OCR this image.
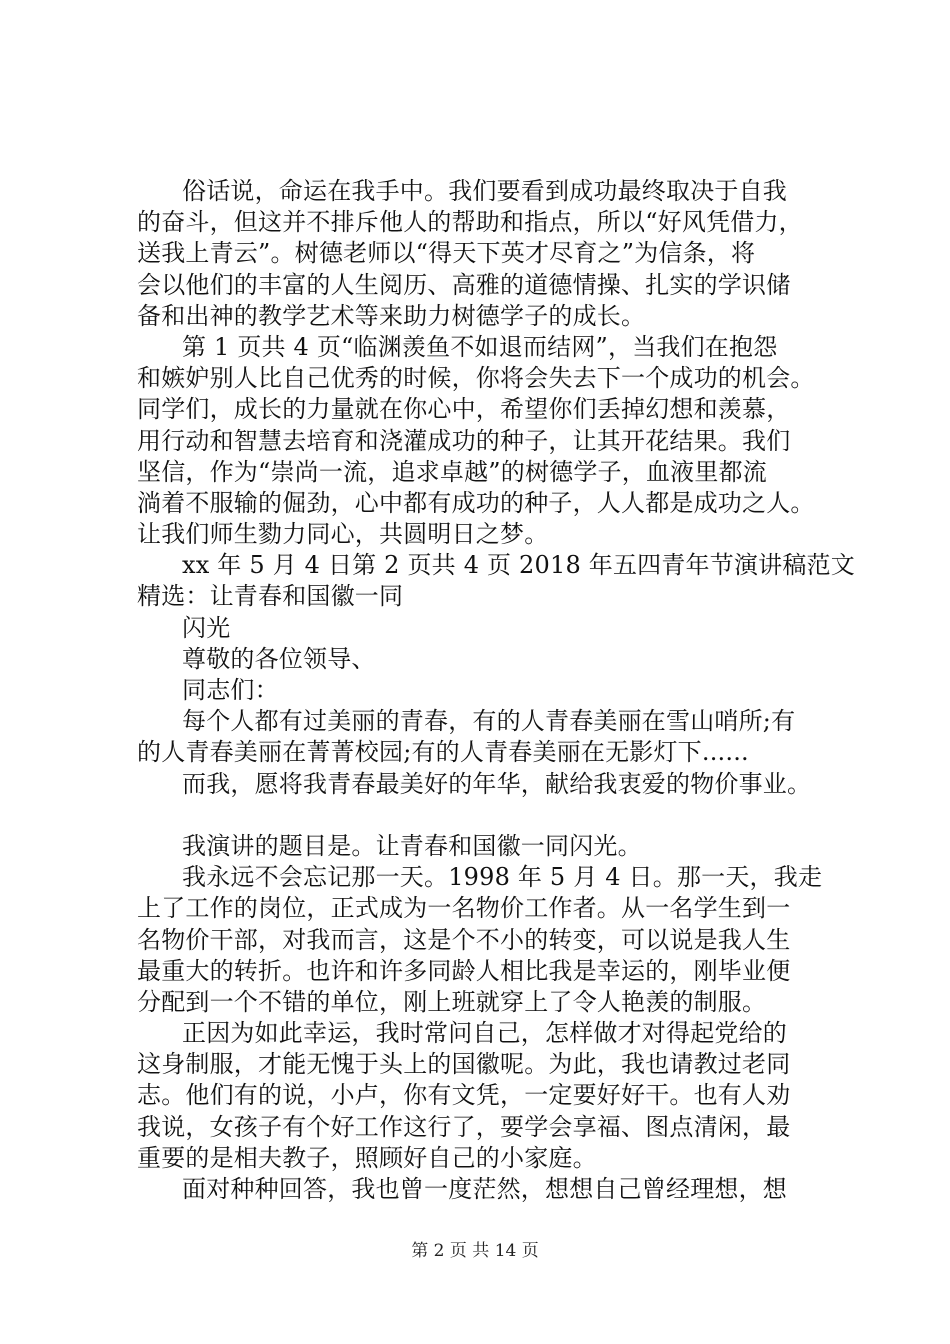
俗话说，命运在我手中。我们要看到成功最终取决于自我
的奋斗，但这并不排斥他人的帮助和指点，所以“好风凭借力，
送我上青云”。树德老师以“得天下英才尽育之”为信条，将
会以他们的丰富的人生阅历、高雅的道德情操、扎实的学识储
备和出神的教学艺术等来助力树德学子的成长。
第 1 页共 4 页“临渊羡鱼不如退而结网”，当我们在抱怨
和嫉妒别人比自己优秀的时候，你将会失去下一个成功的机会。
同学们，成长的力量就在你心中，希望你们丢掉幻想和羡慕，
用行动和智慧去培育和浇灌成功的种子，让其开花结果。我们
坚信，作为“崇尚一流，追求卓越”的树德学子，血液里都流
淌着不服输的倔劲，心中都有成功的种子，人人都是成功之人。
让我们师生勠力同心，共圆明日之梦。
xx 年 5 月 4 日第 2 页共 4 页 2018 年五四青年节演讲稿范文
精选：让青春和国徽一同
闪光
尊敬的各位领导、
同志们：
每个人都有过美丽的青春，有的人青春美丽在雪山哨所;有
的人青春美丽在菁菁校园;有的人青春美丽在无影灯下......
而我，愿将我青春最美好的年华，献给我衷爱的物价事业。
我演讲的题目是。让青春和国徽一同闪光。
我永远不会忘记那一天。1998 年 5 月 4 日。那一天，我走
上了工作的岗位，正式成为一名物价工作者。从一名学生到一
名物价干部，对我而言，这是个不小的转变，可以说是我人生
最重大的转折。也许和许多同龄人相比我是幸运的，刚毕业便
分配到一个不错的单位，刚上班就穿上了令人艳羡的制服。
正因为如此幸运，我时常问自己，怎样做才对得起党给的
这身制服，才能无愧于头上的国徽呢。为此，我也请教过老同
志。他们有的说，小卢，你有文凭，一定要好好干。也有人劝
我说，女孩子有个好工作这行了，要学会享福、图点清闲，最
重要的是相夫教子，照顾好自己的小家庭。
面对种种回答，我也曾一度茫然，想想自己曾经理想，想
第 2 页 共 14 页
